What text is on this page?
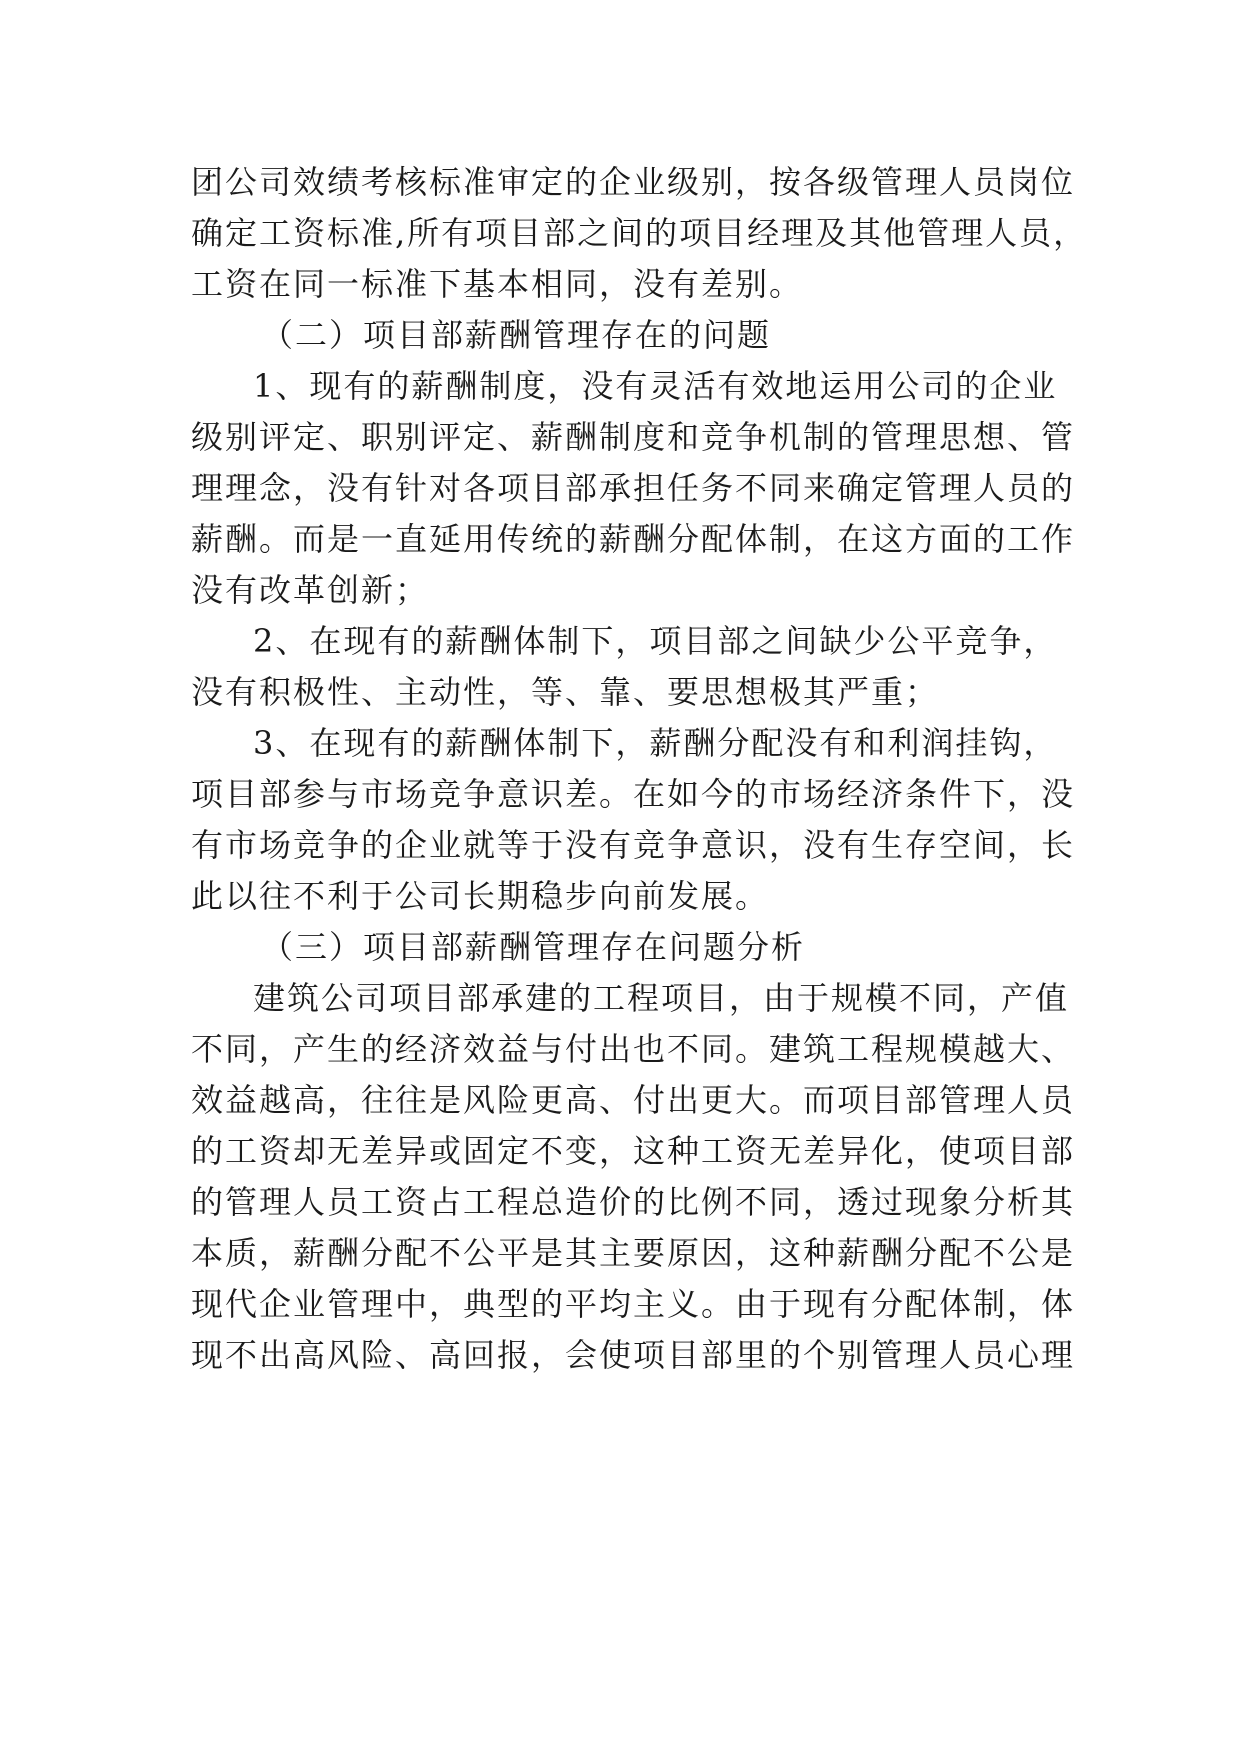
团公司效绩考核标准审定的企业级别，按各级管理人员岗位
确定工资标准,所有项目部之间的项目经理及其他管理人员，
工资在同一标准下基本相同，没有差别。
（二）项目部薪酬管理存在的问题
1、现有的薪酬制度，没有灵活有效地运用公司的企业
级别评定、职别评定、薪酬制度和竞争机制的管理思想、管
理理念，没有针对各项目部承担任务不同来确定管理人员的
薪酬。而是一直延用传统的薪酬分配体制，在这方面的工作
没有改革创新；
2、在现有的薪酬体制下，项目部之间缺少公平竞争，
没有积极性、主动性，等、靠、要思想极其严重；
3、在现有的薪酬体制下，薪酬分配没有和利润挂钩，
项目部参与市场竞争意识差。在如今的市场经济条件下，没
有市场竞争的企业就等于没有竞争意识，没有生存空间，长
此以往不利于公司长期稳步向前发展。
（三）项目部薪酬管理存在问题分析
建筑公司项目部承建的工程项目，由于规模不同，产值
不同，产生的经济效益与付出也不同。建筑工程规模越大、
效益越高，往往是风险更高、付出更大。而项目部管理人员
的工资却无差异或固定不变，这种工资无差异化，使项目部
的管理人员工资占工程总造价的比例不同，透过现象分析其
本质，薪酬分配不公平是其主要原因，这种薪酬分配不公是
现代企业管理中，典型的平均主义。由于现有分配体制，体
现不出高风险、高回报，会使项目部里的个别管理人员心理
